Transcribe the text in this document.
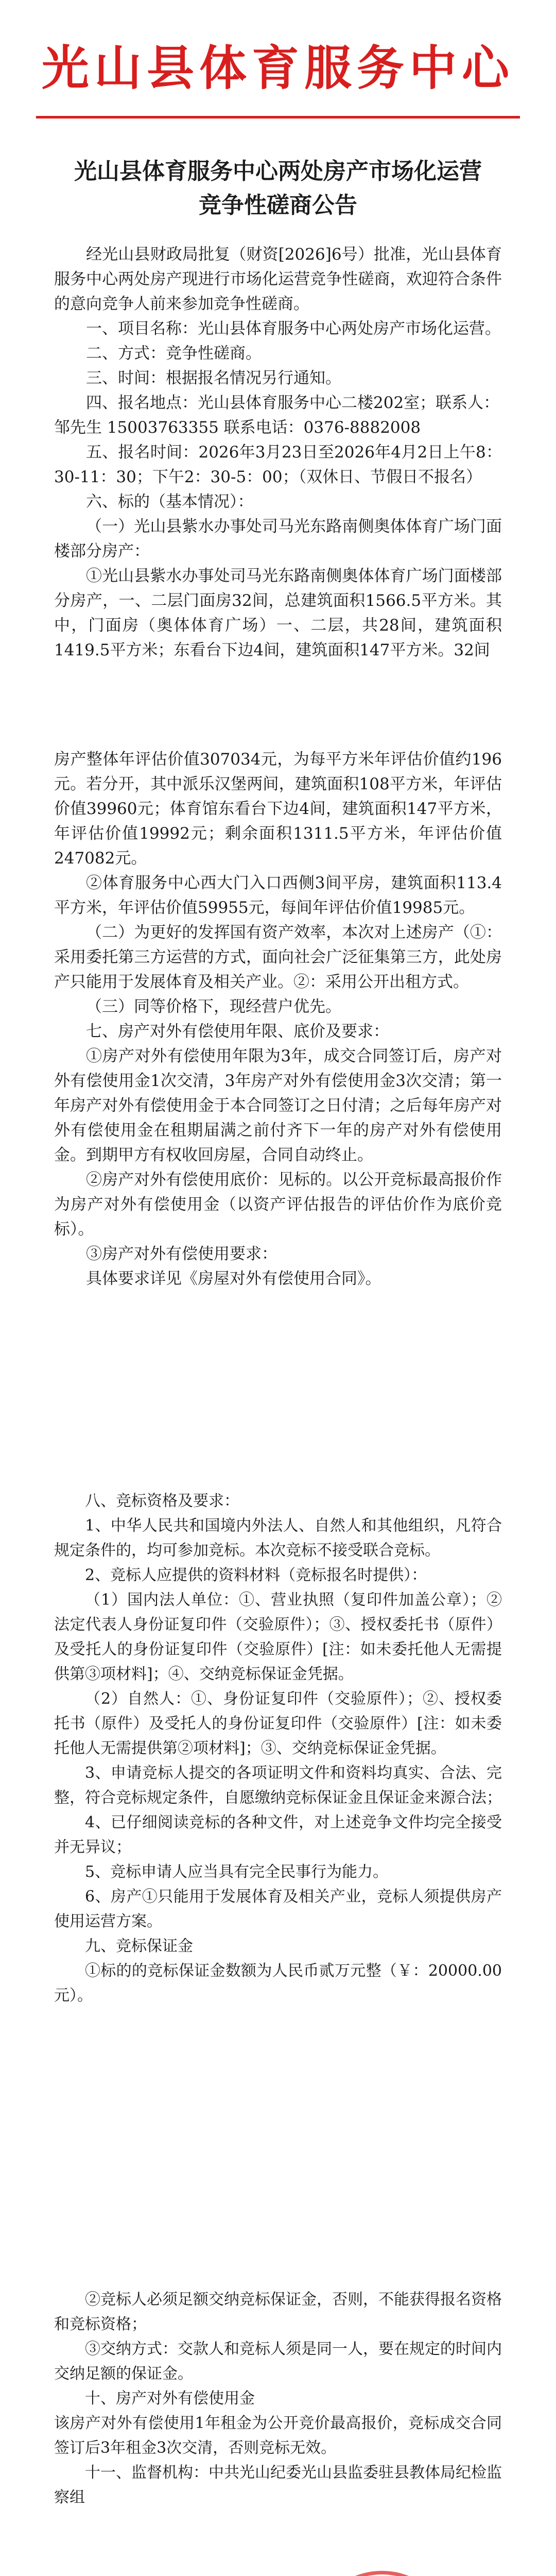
光山县体育服务中心
光山县体育服务中心两处房产市场化运营
竞争性磋商公告

经光山县财政局批复（财资[2026]6号）批准，光山县体育服务中心两处房产现进行市场化运营竞争性磋商，欢迎符合条件的意向竞争人前来参加竞争性磋商。

一、项目名称：光山县体育服务中心两处房产市场化运营。

二、方式：竞争性磋商。

三、时间：根据报名情况另行通知。

四、报名地点：光山县体育服务中心二楼202室；联系人：

邹先生 15003763355 联系电话：0376-8882008

五、报名时间：2026年3月23日至2026年4月2日上午8：30-11：30；下午2：30-5：00；（双休日、节假日不报名）

六、标的（基本情况）：

（一）光山县紫水办事处司马光东路南侧奥体体育广场门面楼部分房产：

①光山县紫水办事处司马光东路南侧奥体体育广场门面楼部分房产，一、二层门面房32间，总建筑面积1566.5平方米。其中，门面房（奥体体育广场）一、二层，共28间，建筑面积1419.5平方米；东看台下边4间，建筑面积147平方米。32间

房产整体年评估价值307034元，为每平方米年评估价值约196元。若分开，其中派乐汉堡两间，建筑面积108平方米，年评估价值39960元；体育馆东看台下边4间，建筑面积147平方米，年评估价值19992元；剩余面积1311.5平方米，年评估价值247082元。

②体育服务中心西大门入口西侧3间平房，建筑面积113.4平方米，年评估价值59955元，每间年评估价值19985元。

（二）为更好的发挥国有资产效率，本次对上述房产（①：采用委托第三方运营的方式，面向社会广泛征集第三方，此处房产只能用于发展体育及相关产业。②：采用公开出租方式。

（三）同等价格下，现经营户优先。

七、房产对外有偿使用年限、底价及要求：

①房产对外有偿使用年限为3年，成交合同签订后，房产对外有偿使用金1次交清，3年房产对外有偿使用金3次交清；第一年房产对外有偿使用金于本合同签订之日付清；之后每年房产对外有偿使用金在租期届满之前付齐下一年的房产对外有偿使用金。到期甲方有权收回房屋，合同自动终止。

②房产对外有偿使用底价：见标的。以公开竞标最高报价作为房产对外有偿使用金（以资产评估报告的评估价作为底价竞标）。

③房产对外有偿使用要求：

具体要求详见《房屋对外有偿使用合同》。

八、竞标资格及要求：

1、中华人民共和国境内外法人、自然人和其他组织，凡符合规定条件的，均可参加竞标。本次竞标不接受联合竞标。

2、竞标人应提供的资料材料（竞标报名时提供）：

（1）国内法人单位：①、营业执照（复印件加盖公章）；②法定代表人身份证复印件（交验原件）；③、授权委托书（原件）及受托人的身份证复印件（交验原件）[注：如未委托他人无需提供第③项材料]；④、交纳竞标保证金凭据。

（2）自然人：①、身份证复印件（交验原件）；②、授权委托书（原件）及受托人的身份证复印件（交验原件）[注：如未委托他人无需提供第②项材料]；③、交纳竞标保证金凭据。

3、申请竞标人提交的各项证明文件和资料均真实、合法、完整，符合竞标规定条件，自愿缴纳竞标保证金且保证金来源合法；

4、已仔细阅读竞标的各种文件，对上述竞争文件均完全接受并无异议；

5、竞标申请人应当具有完全民事行为能力。

6、房产①只能用于发展体育及相关产业，竞标人须提供房产使用运营方案。

九、竞标保证金

①标的的竞标保证金数额为人民币贰万元整（￥：20000.00元）。

②竞标人必须足额交纳竞标保证金，否则，不能获得报名资格和竞标资格；

③交纳方式：交款人和竞标人须是同一人，要在规定的时间内交纳足额的保证金。

十、房产对外有偿使用金

该房产对外有偿使用1年租金为公开竞价最高报价，竞标成交合同签订后3年租金3次交清，否则竞标无效。

十一、监督机构：中共光山纪委光山县监委驻县教体局纪检监察组
